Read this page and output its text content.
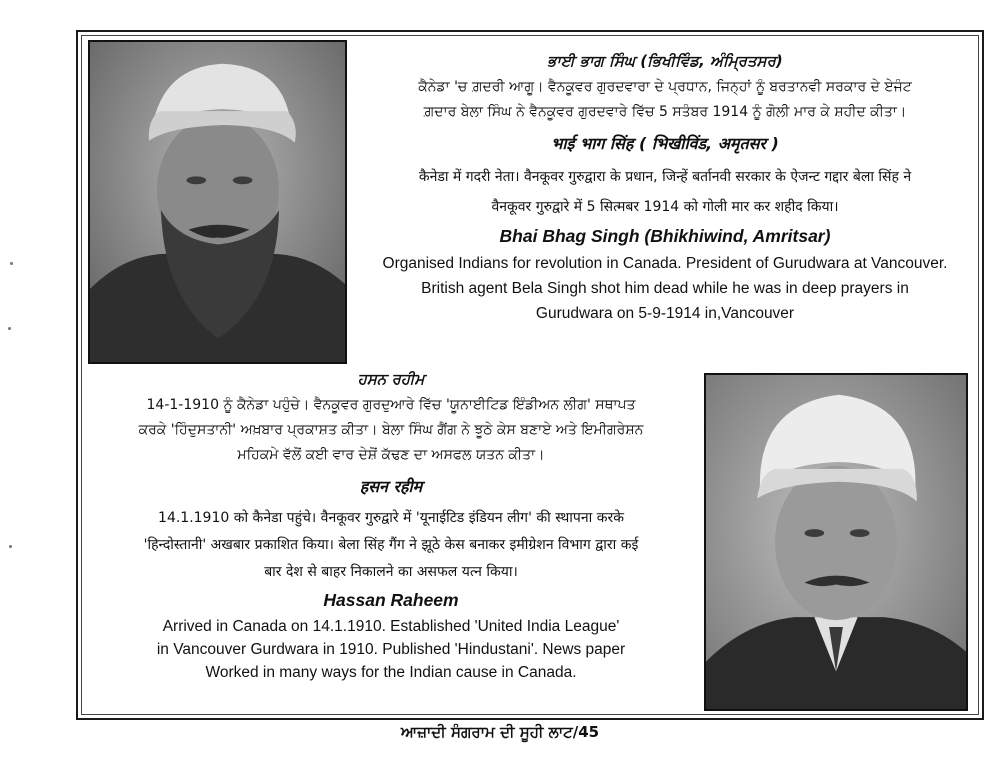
ਭਾਈ ਭਾਗ ਸਿੰਘ (ਭਿਖੀਵਿੰਡ, ਅੰਮ੍ਰਿਤਸਰ)
ਕੈਨੇਡਾ 'ਚ ਗ਼ਦਰੀ ਆਗੂ। ਵੈਨਕੂਵਰ ਗੁਰਦਵਾਰਾ ਦੇ ਪ੍ਰਧਾਨ, ਜਿਨ੍ਹਾਂ ਨੂੰ ਬਰਤਾਨਵੀ ਸਰਕਾਰ ਦੇ ਏਜੰਟ
ਗ਼ਦਾਰ ਬੇਲਾ ਸਿੰਘ ਨੇ ਵੈਨਕੂਵਰ ਗੁਰਦਵਾਰੇ ਵਿੱਚ 5 ਸਤੰਬਰ 1914 ਨੂੰ ਗੋਲੀ ਮਾਰ ਕੇ ਸ਼ਹੀਦ ਕੀਤਾ।
भाई भाग सिंह ( भिखीविंड, अमृतसर )
कैनेडा में गदरी नेता। वैनकूवर गुरुद्वारा के प्रधान, जिन्हें बर्तानवी सरकार के ऐजन्ट गद्दार बेला सिंह ने
वैनकूवर गुरुद्वारे में 5 सित्मबर 1914 को गोली मार कर शहीद किया।
Bhai Bhag Singh (Bhikhiwind, Amritsar)
Organised Indians for revolution in Canada. President of Gurudwara at Vancouver.
British agent Bela Singh shot him dead while he was in deep prayers in
Gurudwara on 5-9-1914 in,Vancouver
ਹਸਨ ਰਹੀਮ
14-1-1910 ਨੂੰ ਕੈਨੇਡਾ ਪਹੁੰਚੇ। ਵੈਨਕੂਵਰ ਗੁਰਦੁਆਰੇ ਵਿੱਚ 'ਯੂਨਾਈਟਿਡ ਇੰਡੀਅਨ ਲੀਗ' ਸਥਾਪਤ
ਕਰਕੇ 'ਹਿੰਦੁਸਤਾਨੀ' ਅਖ਼ਬਾਰ ਪ੍ਰਕਾਸ਼ਤ ਕੀਤਾ। ਬੇਲਾ ਸਿੰਘ ਗੈਂਗ ਨੇ ਝੂਠੇ ਕੇਸ ਬਣਾਏ ਅਤੇ ਇਮੀਗਰੇਸ਼ਨ
ਮਹਿਕਮੇ ਵੱਲੋਂ ਕਈ ਵਾਰ ਦੇਸ਼ੋਂ ਕੱਢਣ ਦਾ ਅਸਫਲ ਯਤਨ ਕੀਤਾ।
हसन रहीम
14.1.1910 को कैनेडा पहुंचे। वैनकूवर गुरुद्वारे में 'यूनाईटिड इंडियन लीग' की स्थापना करके
'हिन्दोस्तानी' अखबार प्रकाशित किया। बेला सिंह गैंग ने झूठे केस बनाकर इमीग्रेशन विभाग द्वारा कई
बार देश से बाहर निकालने का असफल यत्न किया।
Hassan Raheem
Arrived in Canada on 14.1.1910. Established 'United India League'
in Vancouver Gurdwara in 1910. Published 'Hindustani'. News paper
Worked in many ways for the Indian cause in Canada.
ਆਜ਼ਾਦੀ ਸੰਗਰਾਮ ਦੀ ਸੂਹੀ ਲਾਟ/45
